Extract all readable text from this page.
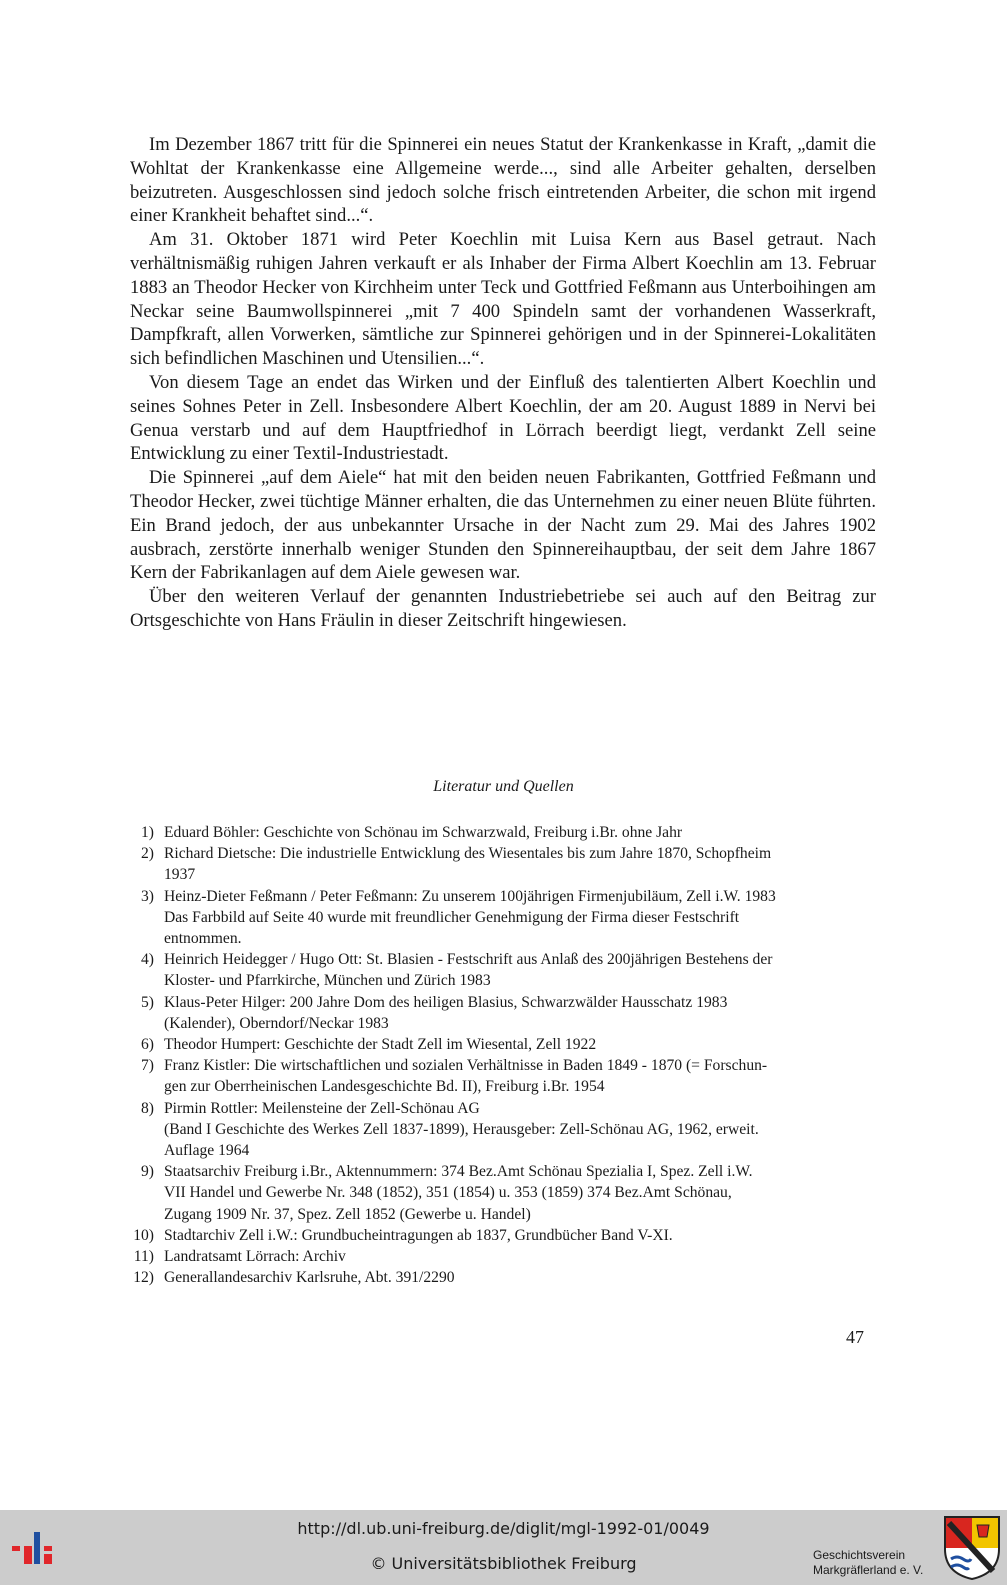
Im Dezember 1867 tritt für die Spinnerei ein neues Statut der Krankenkasse in Kraft, „damit die Wohltat der Krankenkasse eine Allgemeine werde..., sind alle Arbeiter gehalten, derselben beizutreten. Ausgeschlossen sind jedoch solche frisch eintretenden Arbeiter, die schon mit irgend einer Krankheit behaftet sind...“.

Am 31. Oktober 1871 wird Peter Koechlin mit Luisa Kern aus Basel getraut. Nach verhältnismäßig ruhigen Jahren verkauft er als Inhaber der Firma Albert Koechlin am 13. Februar 1883 an Theodor Hecker von Kirchheim unter Teck und Gottfried Feßmann aus Unterboihingen am Neckar seine Baumwollspinnerei „mit 7 400 Spindeln samt der vorhandenen Wasserkraft, Dampfkraft, allen Vorwerken, sämtliche zur Spinnerei gehörigen und in der Spinnerei-Lokalitäten sich befindlichen Maschinen und Utensilien...“.

Von diesem Tage an endet das Wirken und der Einfluß des talentierten Albert Koechlin und seines Sohnes Peter in Zell. Insbesondere Albert Koechlin, der am 20. August 1889 in Nervi bei Genua verstarb und auf dem Hauptfriedhof in Lörrach beerdigt liegt, verdankt Zell seine Entwicklung zu einer Textil-Industriestadt.

Die Spinnerei „auf dem Aiele“ hat mit den beiden neuen Fabrikanten, Gottfried Feßmann und Theodor Hecker, zwei tüchtige Männer erhalten, die das Unternehmen zu einer neuen Blüte führten. Ein Brand jedoch, der aus unbekannter Ursache in der Nacht zum 29. Mai des Jahres 1902 ausbrach, zerstörte innerhalb weniger Stunden den Spinnereihauptbau, der seit dem Jahre 1867 Kern der Fabrikanlagen auf dem Aiele gewesen war.

Über den weiteren Verlauf der genannten Industriebetriebe sei auch auf den Beitrag zur Ortsgeschichte von Hans Fräulin in dieser Zeitschrift hingewiesen.

Literatur und Quellen
1) Eduard Böhler: Geschichte von Schönau im Schwarzwald, Freiburg i.Br. ohne Jahr
2) Richard Dietsche: Die industrielle Entwicklung des Wiesentales bis zum Jahre 1870, Schopfheim
1937
3) Heinz-Dieter Feßmann / Peter Feßmann: Zu unserem 100jährigen Firmenjubiläum, Zell i.W. 1983
Das Farbbild auf Seite 40 wurde mit freundlicher Genehmigung der Firma dieser Festschrift
entnommen.
4) Heinrich Heidegger / Hugo Ott: St. Blasien - Festschrift aus Anlaß des 200jährigen Bestehens der
Kloster- und Pfarrkirche, München und Zürich 1983
5) Klaus-Peter Hilger: 200 Jahre Dom des heiligen Blasius, Schwarzwälder Hausschatz 1983
(Kalender), Oberndorf/Neckar 1983
6) Theodor Humpert: Geschichte der Stadt Zell im Wiesental, Zell 1922
7) Franz Kistler: Die wirtschaftlichen und sozialen Verhältnisse in Baden 1849 - 1870 (= Forschun-
gen zur Oberrheinischen Landesgeschichte Bd. II), Freiburg i.Br. 1954
8) Pirmin Rottler: Meilensteine der Zell-Schönau AG
(Band I Geschichte des Werkes Zell 1837-1899), Herausgeber: Zell-Schönau AG, 1962, erweit.
Auflage 1964
9) Staatsarchiv Freiburg i.Br., Aktennummern: 374 Bez.Amt Schönau Spezialia I, Spez. Zell i.W.
VII Handel und Gewerbe Nr. 348 (1852), 351 (1854) u. 353 (1859) 374 Bez.Amt Schönau,
Zugang 1909 Nr. 37, Spez. Zell 1852 (Gewerbe u. Handel)
10) Stadtarchiv Zell i.W.: Grundbucheintragungen ab 1837, Grundbücher Band V-XI.
11) Landratsamt Lörrach: Archiv
12) Generallandesarchiv Karlsruhe, Abt. 391/2290
47
http://dl.ub.uni-freiburg.de/diglit/mgl-1992-01/0049
© Universitätsbibliothek Freiburg	Geschichtsverein
Markgräflerland e. V.
